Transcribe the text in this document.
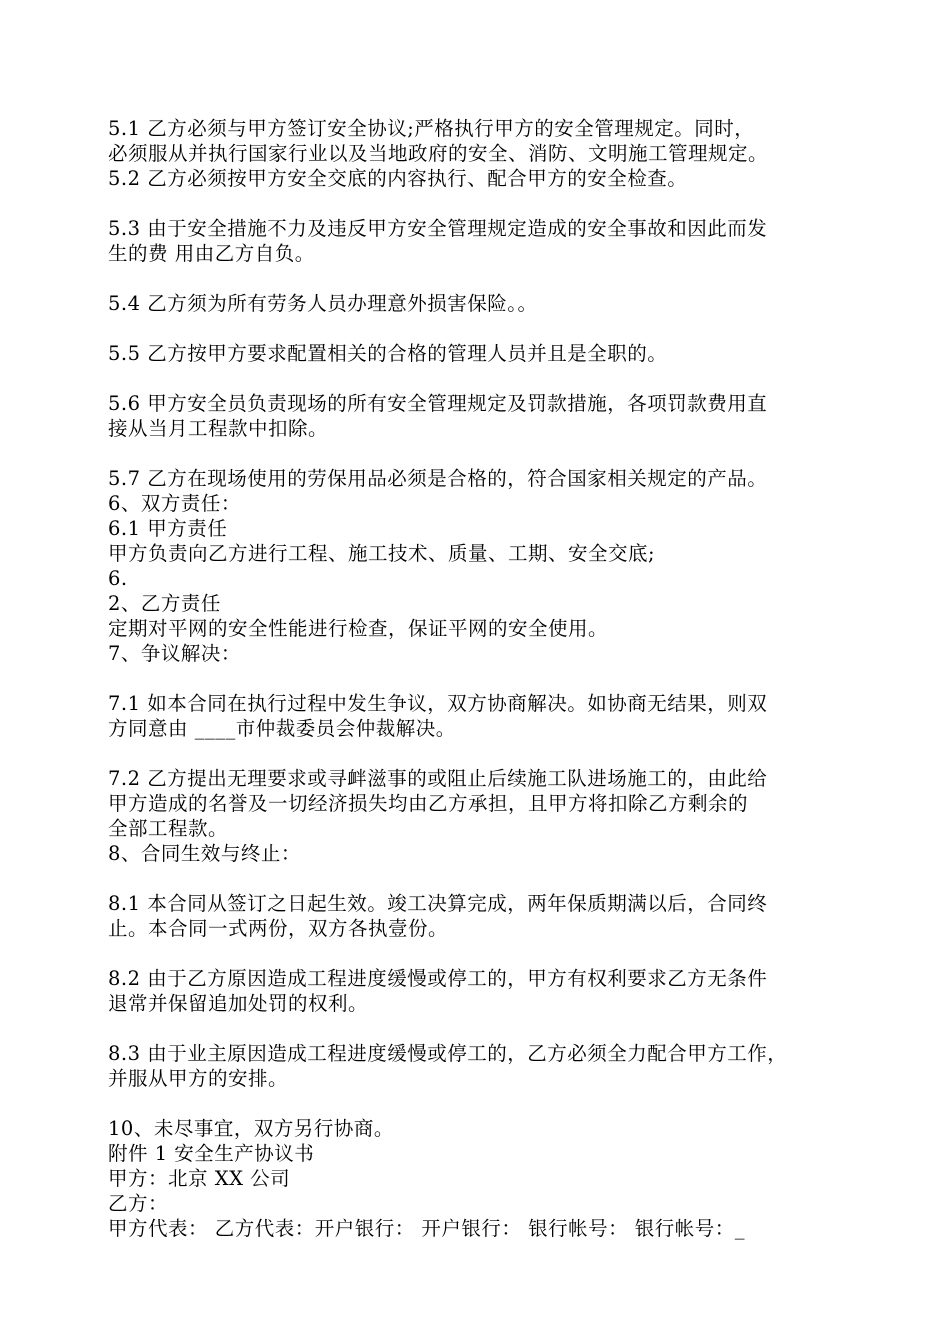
5.1 乙方必须与甲方签订安全协议;严格执行甲方的安全管理规定。同时，
必须服从并执行国家行业以及当地政府的安全、消防、文明施工管理规定。
5.2 乙方必须按甲方安全交底的内容执行、配合甲方的安全检查。
5.3 由于安全措施不力及违反甲方安全管理规定造成的安全事故和因此而发
生的费 用由乙方自负。
5.4 乙方须为所有劳务人员办理意外损害保险。。
5.5 乙方按甲方要求配置相关的合格的管理人员并且是全职的。
5.6 甲方安全员负责现场的所有安全管理规定及罚款措施，各项罚款费用直
接从当月工程款中扣除。
5.7 乙方在现场使用的劳保用品必须是合格的，符合国家相关规定的产品。
6、双方责任：
6.1 甲方责任
甲方负责向乙方进行工程、施工技术、质量、工期、安全交底;
6.
2、乙方责任
定期对平网的安全性能进行检查，保证平网的安全使用。
7、争议解决：
7.1 如本合同在执行过程中发生争议，双方协商解决。如协商无结果，则双
方同意由 ____市仲裁委员会仲裁解决。
7.2 乙方提出无理要求或寻衅滋事的或阻止后续施工队进场施工的，由此给
甲方造成的名誉及一切经济损失均由乙方承担，且甲方将扣除乙方剩余的
全部工程款。
8、合同生效与终止：
8.1 本合同从签订之日起生效。竣工决算完成，两年保质期满以后，合同终
止。本合同一式两份，双方各执壹份。
8.2 由于乙方原因造成工程进度缓慢或停工的，甲方有权利要求乙方无条件
退常并保留追加处罚的权利。
8.3 由于业主原因造成工程进度缓慢或停工的，乙方必须全力配合甲方工作，
并服从甲方的安排。
10、未尽事宜，双方另行协商。
附件 1 安全生产协议书
甲方：北京 XX 公司
乙方：
甲方代表： 乙方代表：开户银行： 开户银行： 银行帐号： 银行帐号：_
